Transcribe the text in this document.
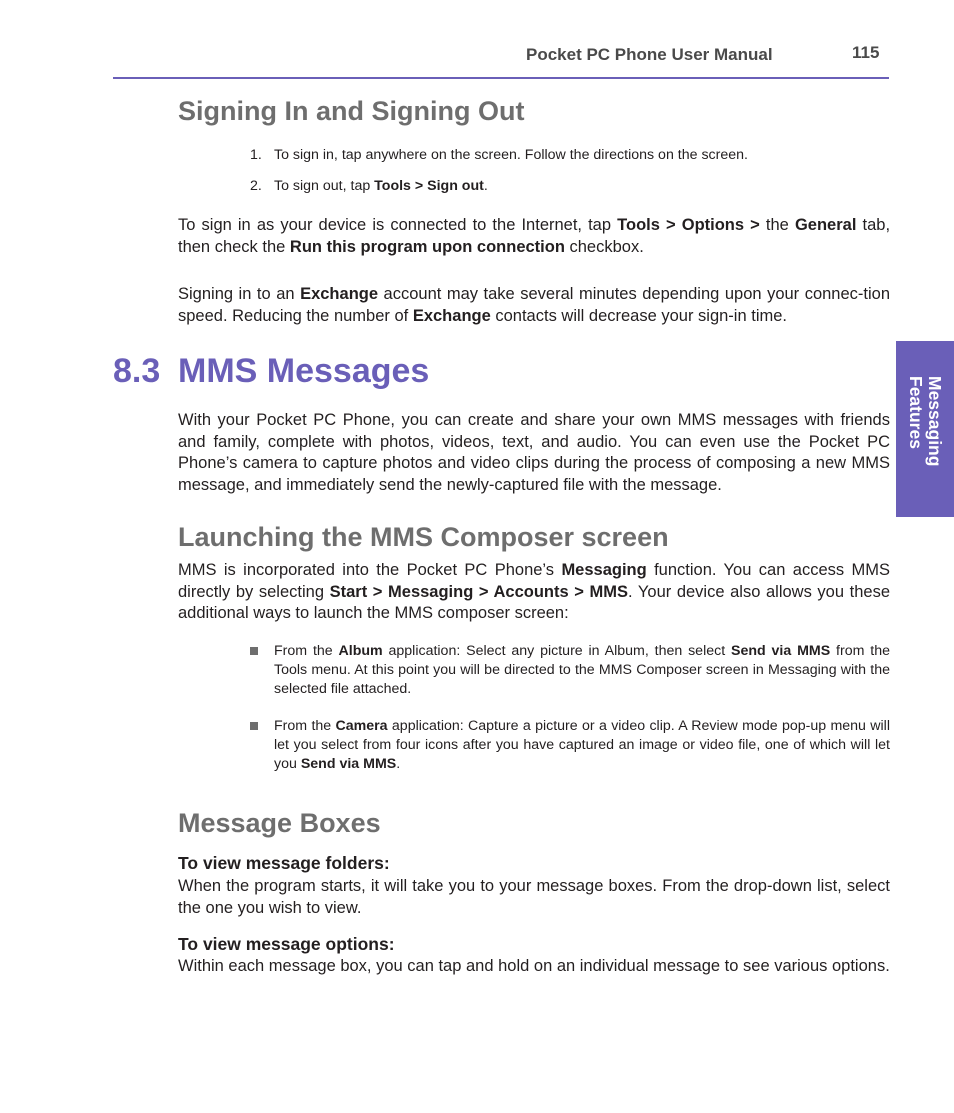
Pocket PC Phone User Manual	115
Messaging
Features
Signing In and Signing Out
1. To sign in, tap anywhere on the screen. Follow the directions on the screen.
2. To sign out, tap Tools > Sign out.

To sign in as your device is connected to the Internet, tap Tools > Options > the General tab, then check the Run this program upon connection checkbox.

Signing in to an Exchange account may take several minutes depending upon your connec-tion speed. Reducing the number of Exchange contacts will decrease your sign-in time.

8.3 MMS Messages

With your Pocket PC Phone, you can create and share your own MMS messages with friends and family, complete with photos, videos, text, and audio. You can even use the Pocket PC Phone’s camera to capture photos and video clips during the process of composing a new MMS message, and immediately send the newly-captured file with the message.

Launching the MMS Composer screen

MMS is incorporated into the Pocket PC Phone’s Messaging function. You can access MMS directly by selecting Start > Messaging > Accounts > MMS. Your device also allows you these additional ways to launch the MMS composer screen:

From the Album application: Select any picture in Album, then select Send via MMS from the Tools menu. At this point you will be directed to the MMS Composer screen in Messaging with the selected file attached.
From the Camera application: Capture a picture or a video clip. A Review mode pop-up menu will let you select from four icons after you have captured an image or video file, one of which will let you Send via MMS.
Message Boxes
To view message folders:

When the program starts, it will take you to your message boxes. From the drop-down list, select the one you wish to view.

To view message options:

Within each message box, you can tap and hold on an individual message to see various options.
